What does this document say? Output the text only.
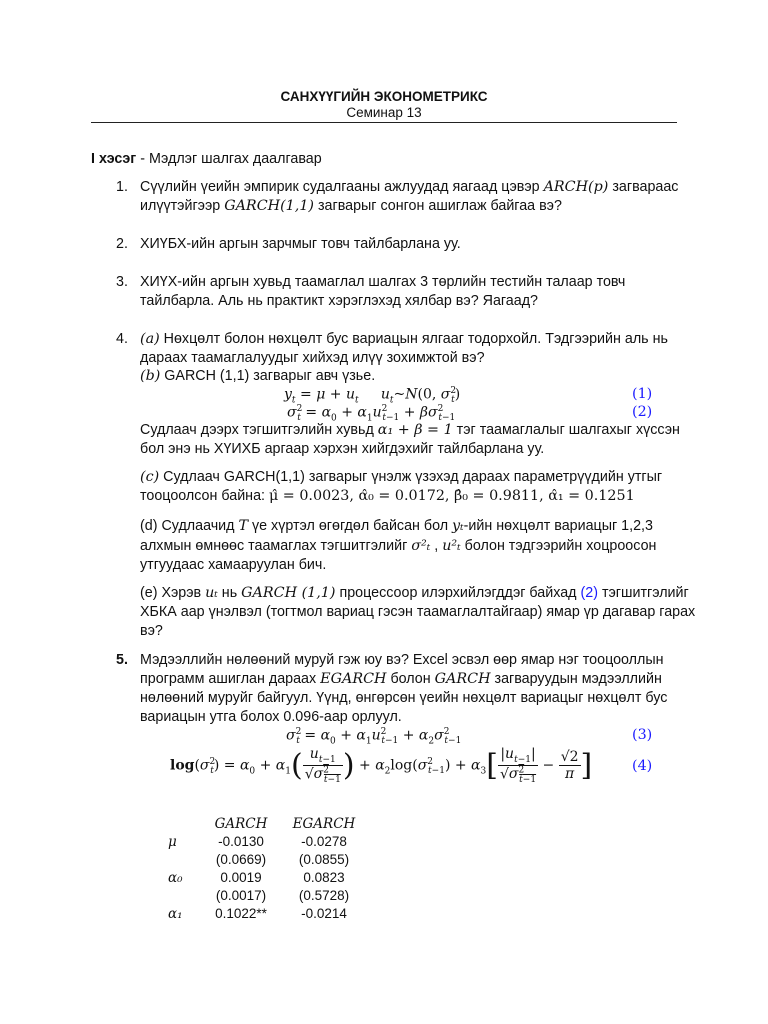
САНХҮҮГИЙН ЭКОНОМЕТРИКС
Семинар 13
I хэсэг - Мэдлэг шалгах даалгавар
1. Сүүлийн үеийн эмпирик судалгааны ажлуудад яагаад цэвэр ARCH(p) загвараас
илүүтэйгээр GARCH(1,1) загварыг сонгон ашиглаж байгаа вэ?
2. ХИҮБХ-ийн аргын зарчмыг товч тайлбарлана уу.
3. ХИҮХ-ийн аргын хувьд таамаглал шалгах 3 төрлийн тестийн талаар товч
тайлбарла. Аль нь практикт хэрэглэхэд хялбар вэ? Яагаад?
4. (a) Нөхцөлт болон нөхцөлт бус вариацын ялгааг тодорхойл. Тэдгээрийн аль нь
дараах таамаглалуудыг хийхэд илүү зохимжтой вэ?
(b) GARCH (1,1) загварыг авч үзье.
$y_t = \mu + u_t$ $u_t\sim N(0$, $\sigma^2_t$)	(1)
$\sigma^2_t = \alpha_0 + \alpha_1u^2_{t-1} + \beta\sigma^2_{t-1}$	(2)
Судлаач дээрх тэгшитгэлийн хувьд α₁ + β = 1 тэг таамаглалыг шалгахыг хүссэн
бол энэ нь ХҮИХБ аргаар хэрхэн хийгдэхийг тайлбарлана уу.
(c) Судлаач GARCH(1,1) загварыг үнэлж үзэхэд дараах параметрүүдийн утгыг
тооцоолсон байна: μ̂ = 0.0023, α̂₀ = 0.0172, β̂₀ = 0.9811, α̂₁ = 0.1251
(d) Судлаачид T үе хүртэл өгөгдөл байсан бол yₜ-ийн нөхцөлт вариацыг 1,2,3
алхмын өмнөөс таамаглах тэгшитгэлийг σ²ₜ , u²ₜ болон тэдгээрийн хоцроосон
утгуудаас хамааруулан бич.
(e) Хэрэв uₜ нь GARCH (1,1) процессоор илэрхийлэгддэг байхад (2) тэгшитгэлийг
ХБКА аар үнэлвэл (тогтмол вариац гэсэн таамаглалтайгаар) ямар үр дагавар гарах
вэ?
5. Мэдээллийн нөлөөний муруй гэж юу вэ? Excel эсвэл өөр ямар нэг тооцооллын
программ ашиглан дараах EGARCH болон GARCH загваруудын мэдээллийн
нөлөөний муруйг байгуул. Үүнд, өнгөрсөн үеийн нөхцөлт вариацыг нөхцөлт бус
вариацын утга болох 0.096-аар орлуул.
$\sigma^2_t = \alpha_0 + \alpha_1u^2_{t-1} + \alpha_2\sigma^2_{t-1}$	(3)
$\log(\sigma^2_t) = \alpha_0 + \alpha_1( \frac{u_{t-1}}{√\sigma^2_{t-1}}$ ) + $\alpha_2\log(\sigma^2_{t-1}) + \alpha_3[ \frac{|u_{t-1}|}{√\sigma^2_{t-1}} - \frac{√2}{\pi}$ ]	(4)
	GARCH	EGARCH
μ	-0.0130	-0.0278
	(0.0669)	(0.0855)
α₀	0.0019	0.0823
	(0.0017)	(0.5728)
α₁	0.1022**	-0.0214
